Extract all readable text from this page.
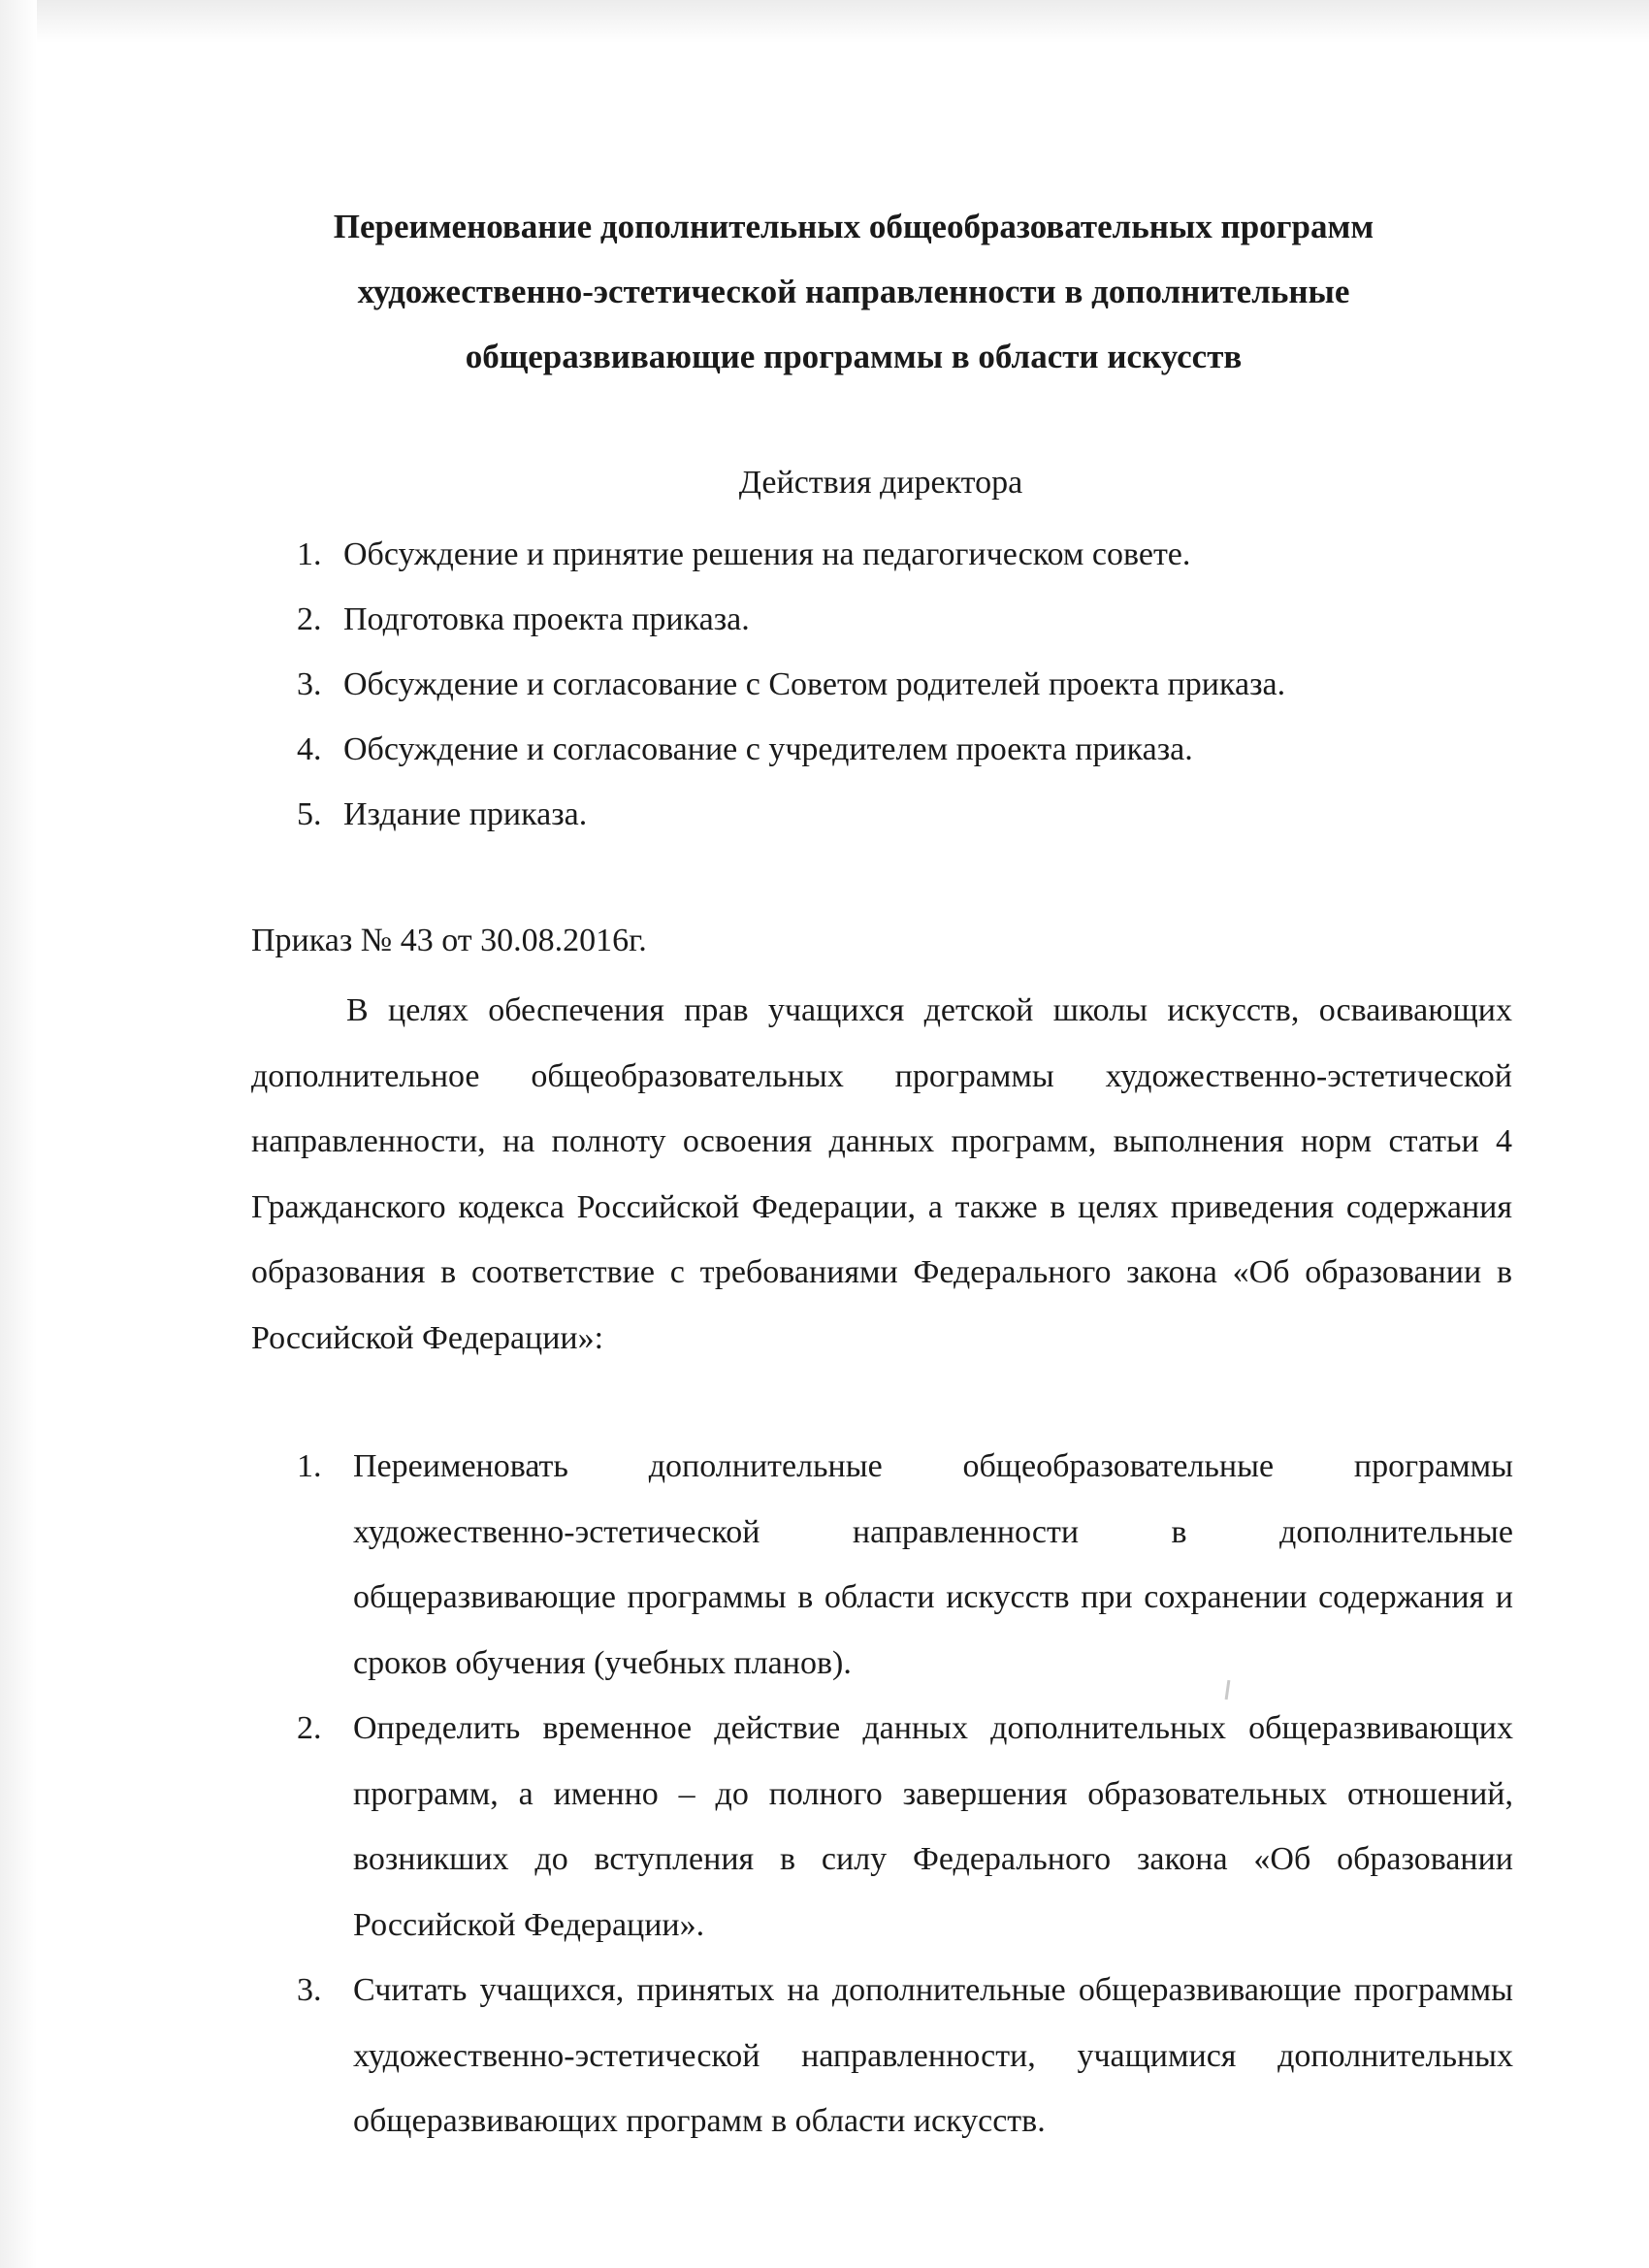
Переименование дополнительных общеобразовательных программ
художественно-эстетической направленности в дополнительные
общеразвивающие программы в области искусств
Действия директора
1. Обсуждение и принятие решения на педагогическом совете.
2. Подготовка проекта приказа.
3. Обсуждение и согласование с Советом родителей проекта приказа.
4. Обсуждение и согласование с учредителем проекта приказа.
5. Издание приказа.
Приказ № 43 от 30.08.2016г.

В целях обеспечения прав учащихся детской школы искусств, осваивающих дополнительное общеобразовательных программы художественно-эстетической направленности, на полноту освоения данных программ, выполнения норм статьи 4 Гражданского кодекса Российской Федерации, а также в целях приведения содержания образования в соответствие с требованиями Федерального закона «Об образовании в Российской Федерации»:

1. Переименовать дополнительные общеобразовательные программы художественно-эстетической направленности в дополнительные общеразвивающие программы в области искусств при сохранении содержания и сроков обучения (учебных планов).
2. Определить временное действие данных дополнительных общеразвивающих программ, а именно – до полного завершения образовательных отношений, возникших до вступления в силу Федерального закона «Об образовании Российской Федерации».
3. Считать учащихся, принятых на дополнительные общеразвивающие программы художественно-эстетической направленности, учащимися дополнительных общеразвивающих программ в области искусств.
